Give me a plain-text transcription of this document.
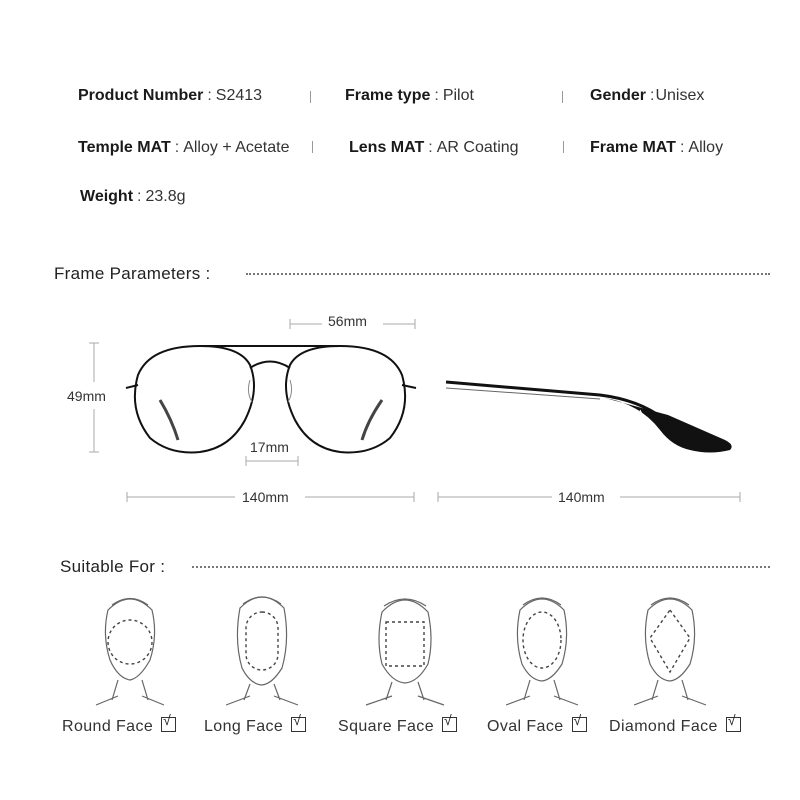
Product Number : S2413	Frame type : Pilot	Gender :Unisex
Temple MAT : Alloy + Acetate	Lens MAT : AR Coating	Frame MAT : Alloy
Weight : 23.8g
Frame Parameters :
56mm
49mm
17mm
140mm	140mm
Suitable For :
Round Face √ Long Face √ Square Face √ Oval Face √ Diamond Face √
